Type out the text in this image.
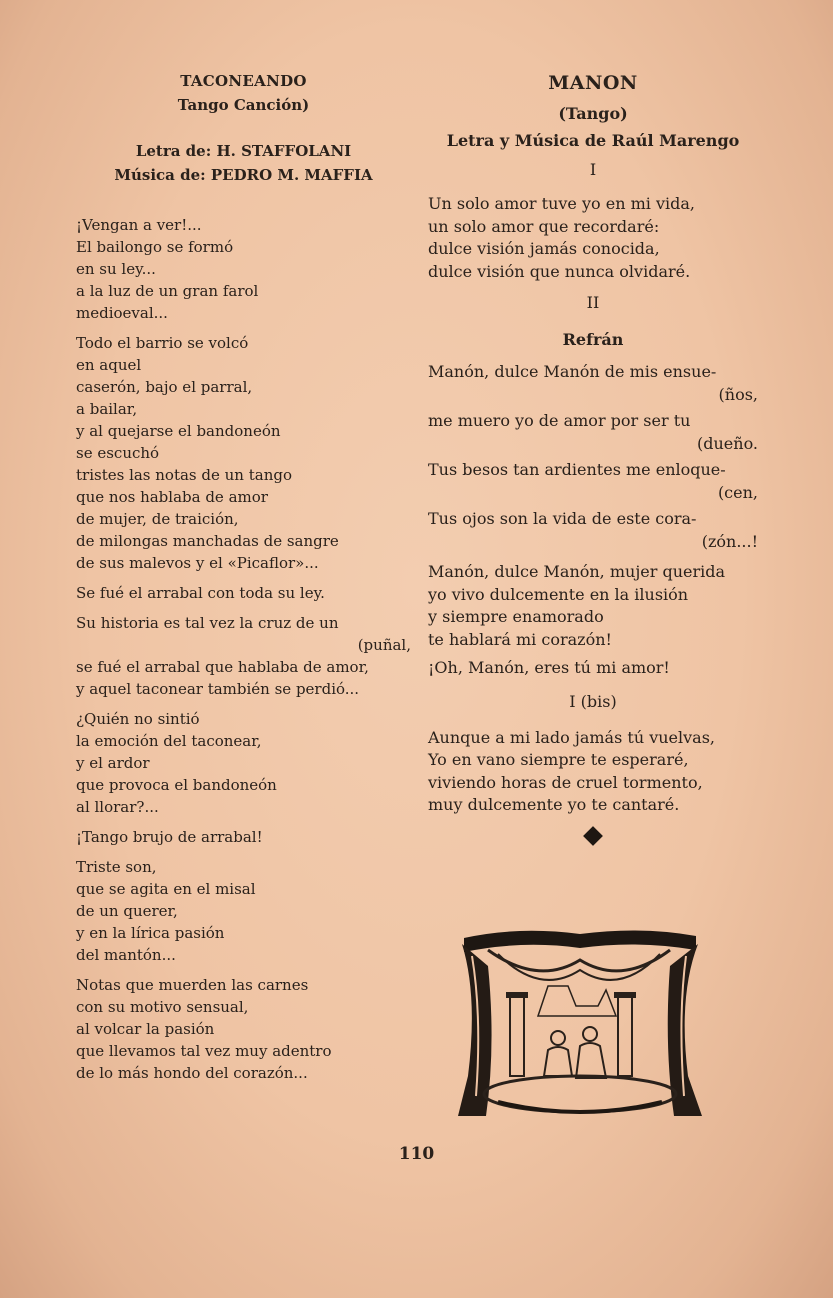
TACONEANDO
Tango Canción)
Letra de: H. STAFFOLANI
Música de: PEDRO M. MAFFIA
¡Vengan a ver!...
El bailongo se formó
en su ley...
a la luz de un gran farol
medioeval...
Todo el barrio se volcó
en aquel
caserón, bajo el parral,
a bailar,
y al quejarse el bandoneón
se escuchó
tristes las notas de un tango
que nos hablaba de amor
de mujer, de traición,
de milongas manchadas de sangre
de sus malevos y el «Picaflor»...
Se fué el arrabal con toda su ley.
Su historia es tal vez la cruz de un
(puñal,
se fué el arrabal que hablaba de amor,
y aquel taconear también se perdió...
¿Quién no sintió
la emoción del taconear,
y el ardor
que provoca el bandoneón
al llorar?...
¡Tango brujo de arrabal!
Triste son,
que se agita en el misal
de un querer,
y en la lírica pasión
del mantón...
Notas que muerden las carnes
con su motivo sensual,
al volcar la pasión
que llevamos tal vez muy adentro
de lo más hondo del corazón...
MANON
(Tango)
Letra y Música de Raúl Marengo
I
Un solo amor tuve yo en mi vida,
un solo amor que recordaré:
dulce visión jamás conocida,
dulce visión que nunca olvidaré.
II
Refrán
Manón, dulce Manón de mis ensue-
(ños,
me muero yo de amor por ser tu
(dueño.
Tus besos tan ardientes me enloque-
(cen,
Tus ojos son la vida de este cora-
(zón...!
Manón, dulce Manón, mujer querida
yo vivo dulcemente en la ilusión
y siempre enamorado
te hablará mi corazón!
¡Oh, Manón, eres tú mi amor!
I (bis)
Aunque a mi lado jamás tú vuelvas,
Yo en vano siempre te esperaré,
viviendo horas de cruel tormento,
muy dulcemente yo te cantaré.
110
